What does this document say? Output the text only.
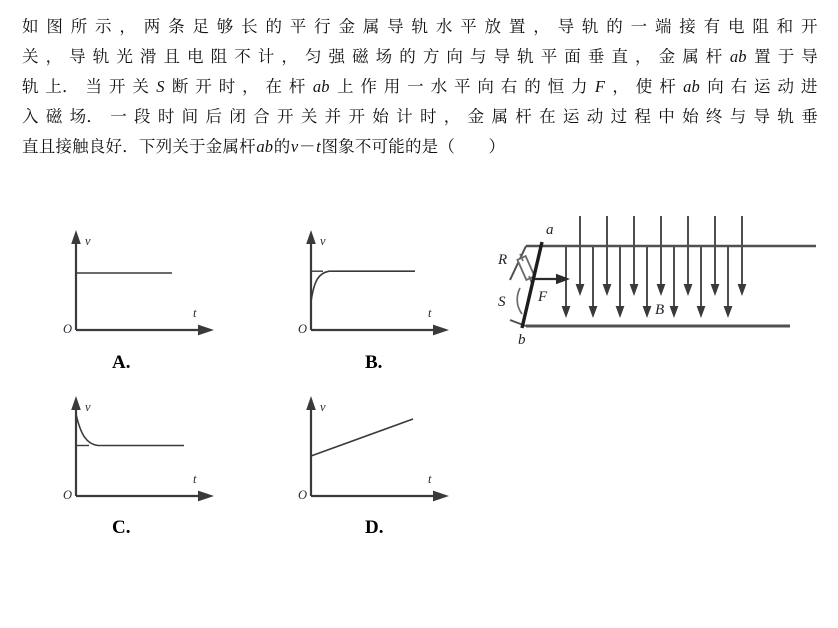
如 图 所 示 ， 两 条 足 够 长 的 平 行 金 属 导 轨 水 平 放 置 ， 导 轨 的 一 端 接 有 电 阻 和 开
关 ， 导 轨 光 滑 且 电 阻 不 计 ， 匀 强 磁 场 的 方 向 与 导 轨 平 面 垂 直 ， 金 属 杆 ab 置 于 导
轨 上． 当 开 关 S 断 开 时 ， 在 杆 ab 上 作 用 一 水 平 向 右 的 恒 力 F ， 使 杆 ab 向 右 运 动 进
入 磁 场． 一 段 时 间 后 闭 合 开 关 并 开 始 计 时 ， 金 属 杆 在 运 动 过 程 中 始 终 与 导 轨 垂
直且接触良好．下列关于金属杆ab的v－t图象不可能的是（　　）
v
t
O
A.
v
t
O
B.
v
t
O
C.
v
t
O
D.
a
b
R
S F
B
